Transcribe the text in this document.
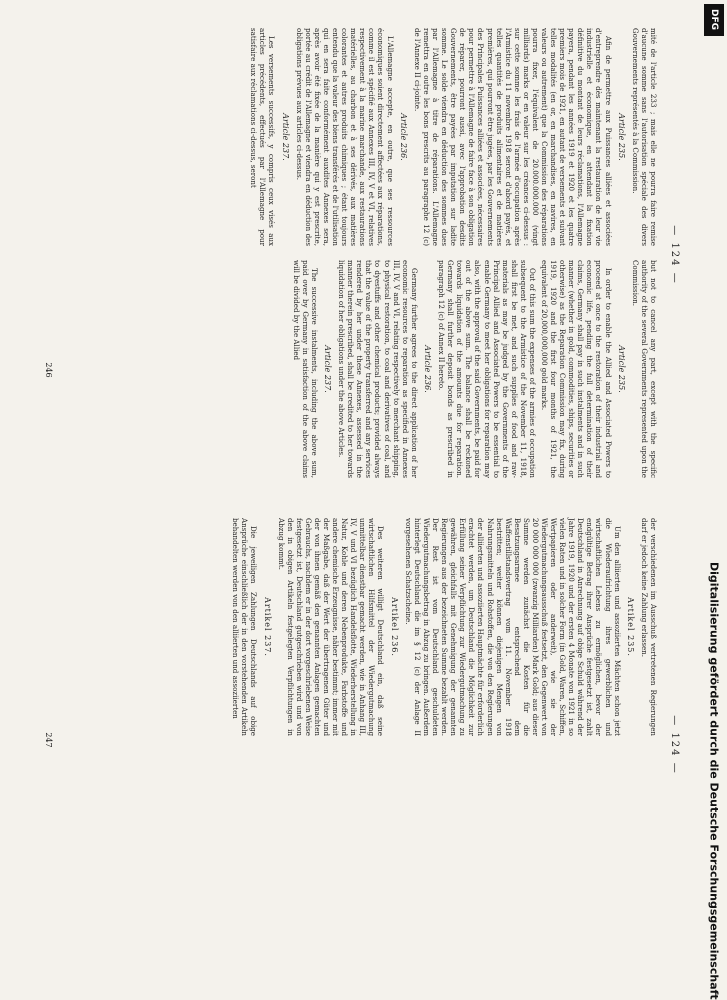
— 124 —

mité de l'article 233 ; mais elle ne pourra faire remise d'aucune somme sans l'autorisation spéciale des divers Gouvernements représentés à la Commission.

Article 235.

Afin de permettre aux Puissances alliées et associées d'entreprendre dès maintenant la restauration de leur vie industrielle et économique, en attendant la fixation définitive du montant de leurs réclamations, l'Allemagne payera, pendant les années 1919 et 1920 et les quatre premiers mois de 1921, en autant de versements et suivant telles modalités (en or, en marchandises, en navires, en valeurs ou autrement) que la Commission des réparations pourra fixer, l'équivalent de 20.000.000.000 (vingt milliards) marks or en valeur sur les créances ci-dessus : sur cette somme les frais de l'armée d'occupation après l'Armistice du 11 novembre 1918 seront d'abord payés, et telles quantités de produits alimentaires et de matières premières, qui pourront être jugées, par les Gouvernements des Principales Puissances alliées et associées, nécessaires pour permettre à l'Allemagne de faire face à son obligation de réparer, pourront aussi, avec l'approbation desdits Gouvernements, être payées par imputation sur ladite somme. Le solde viendra en déduction des sommes dues par l'Allemagne à titre de réparations. L'Allemagne remettra en outre les bons prescrits au paragraphe 12 (c) de l'Annexe II ci-jointe.

Article 236.

L'Allemagne accepte, en outre, que ses ressources économiques soient directement affectées aux réparations, comme il est spécifié aux Annexes III, IV, V et VI, relatives respectivement à la marine marchande, aux restaurations matérielles, au charbon et à ses dérivés, aux matières colorantes et autres produits chimiques ; étant toujours entendu que la valeur des biens transférés et de l'utilisation qui en sera faite conformément auxdites Annexes sera, après avoir été fixée de la manière qui y est prescrite, portée au crédit de l'Allemagne et viendra en déduction des obligations prévues aux articles ci-dessus.

Article 237.

Les versements successifs, y compris ceux visés aux articles précédents, effectués par l'Allemagne pour satisfaire aux réclamations ci-dessus, seront

but not to cancel any part, except with the specific authority of the several Governments represented upon the Commission.

Article 235.

In order to enable the Allied and Associated Powers to proceed at once to the restoration of their industrial and economic life, pending the full determination of their claims, Germany shall pay in such instalments and in such manner (whether in gold, commodities, ships, securities or otherwise) as the Reparation Commission may fix, during 1919, 1920 and the first four months of 1921, the equivalent of 20,000,000,000 gold marks.

Out of this sum the expenses of the armies of occupation subsequent to the Armistice of the November 11, 1918, shall first be met, and such supplies of food and raw-materials as may be judged by the Governments of the Principal Allied and Associated Powers to be essential to enable Germany to meet her obligations for reparation may also, with the approval of the said Governments, be paid for out of the above sum. The balance shall be reckoned towards liquidation of the amounts due for reparation. Germany shall further deposit bonds as prescribed in paragraph 12 (c) of Annex II hereto.

Article 236.

Germany further agrees to the direct application of her economic resources to reparation as specified in Annexes III, IV, V and VI, relating respectively to merchant shipping, to physical restoration, to coal and derivatives of coal, and to dyestuffs and other chemical products; provided always that the value of the property transferred and any services rendered by her under these Annexes, assessed in the manner therein prescribed, shall be credited to her towards liquidation of her obligations under the above Articles.

Article 237.

The successive instalments, including the above sum, paid over by Germany in satisfaction of the above claims will be divided by the Allied

246
— 124 —

der verschiedenen im Ausschuß vertretenen Regierungen darf er jedoch keine Zahlung erlassen.

Artikel 235.

Um den alliierten und assoziierten Mächten schon jetzt die Wiederaufrichtung ihres gewerblichen und wirtschaftlichen Lebens zu ermöglichen, bevor der endgültige Betrag ihrer Ansprüche festgesetzt ist, zahlt Deutschland in Anrechnung auf obige Schuld während der Jahre 1919, 1920 und der ersten 4 Monate von 1921 in so vielen Raten und in solcher Form (in Gold, Waren, Schiffen, Wertpapieren oder anderweit), wie sie der Wiedergutmachungsausschuß festsetzt, den Gegenwert von 20 000 000 000 (zwanzig Milliarden) Mark Gold; aus dieser Summe werden zunächst die Kosten für die Besatzungsarmee entsprechend dem Waffenstillstandsvertrag vom 11. November 1918 bestritten; weiter können diejenigen Mengen von Nahrungsmitteln und Rohstoffen, die von den Regierungen der alliierten und assoziierten Hauptmächte für erforderlich erachtet werden, um Deutschland die Möglichkeit zur Erfüllung seiner Verpflichtung zur Wiedergutmachung zu gewähren, gleichfalls mit Genehmigung der genannten Regierungen aus der bezeichneten Summe bezahlt werden. Der Rest ist vom Deutschland geschuldeten Wiedergutmachungsbetrag in Abzug zu bringen. Außerdem hinterlegt Deutschland die im § 12 (c) der Anlage II vorgesehenen Schatzscheine.

Artikel 236.

Des weiteren willigt Deutschland ein, daß seine wirtschaftlichen Hilfsmittel der Wiedergutmachung unmittelbar dienstbar gemacht werden, wie in Anhang III, IV, V und VI bezüglich Handelsflotte, Wiederherstellung in Natur, Kohle und deren Nebenprodukte, Farbstoffe und andere chemische Erzeugnisse, näher bestimmt; immer mit der Maßgabe, daß der Wert der übertragenen Güter und der von ihnen gemäß den genannten Anlagen gemachten Gebrauchs, nachdem er in der dort vorgeschriebenen Weise festgesetzt ist, Deutschland gutgeschrieben wird und von den in obigen Artikeln festgelegten Verpflichtungen in Abzug kommt.

Artikel 237.

Die jeweiligen Zahlungen Deutschlands auf obige Ansprüche einschließlich der in den vorstehenden Artikeln behandelten werden von den alliierten und assoziierten

247
DFG
Digitalisierung gefördert durch die Deutsche Forschungsgemeinschaft
